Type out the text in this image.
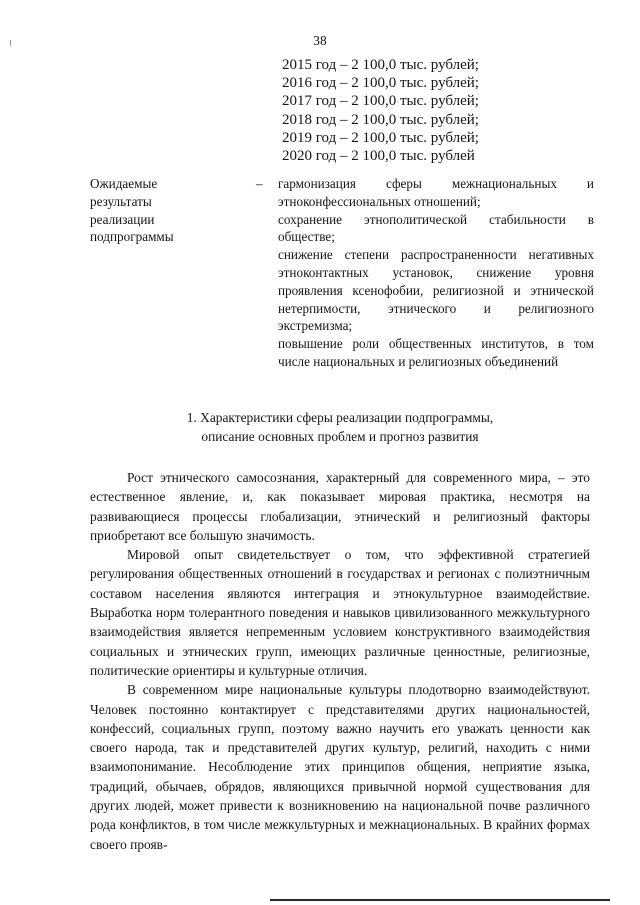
38
2015 год – 2 100,0 тыс. рублей;
2016 год – 2 100,0 тыс. рублей;
2017 год – 2 100,0 тыс. рублей;
2018 год – 2 100,0 тыс. рублей;
2019 год – 2 100,0 тыс. рублей;
2020 год – 2 100,0 тыс. рублей
Ожидаемые
результаты
реализации
подпрограммы
– гармонизация сферы межнациональных и этноконфессиональных отношений;

сохранение этнополитической стабильности в обществе;

снижение степени распространенности негативных этноконтактных установок, снижение уровня проявления ксенофобии, религиозной и этнической нетерпимости, этнического и религиозного экстремизма;

повышение роли общественных институтов, в том числе национальных и религиозных объединений

1. Характеристики сферы реализации подпрограммы,
описание основных проблем и прогноз развития

Рост этнического самосознания, характерный для современного мира, – это естественное явление, и, как показывает мировая практика, несмотря на развивающиеся процессы глобализации, этнический и религиозный факторы приобретают все большую значимость.

Мировой опыт свидетельствует о том, что эффективной стратегией регулирования общественных отношений в государствах и регионах с полиэтничным составом населения являются интеграция и этнокультурное взаимодействие. Выработка норм толерантного поведения и навыков цивилизованного межкультурного взаимодействия является непременным условием конструктивного взаимодействия социальных и этнических групп, имеющих различные ценностные, религиозные, политические ориентиры и культурные отличия.

В современном мире национальные культуры плодотворно взаимодействуют. Человек постоянно контактирует с представителями других национальностей, конфессий, социальных групп, поэтому важно научить его уважать ценности как своего народа, так и представителей других культур, религий, находить с ними взаимопонимание. Несоблюдение этих принципов общения, неприятие языка, традиций, обычаев, обрядов, являющихся привычной нормой существования для других людей, может привести к возникновению на национальной почве различного рода конфликтов, в том числе межкультурных и межнациональных. В крайних формах своего прояв-
